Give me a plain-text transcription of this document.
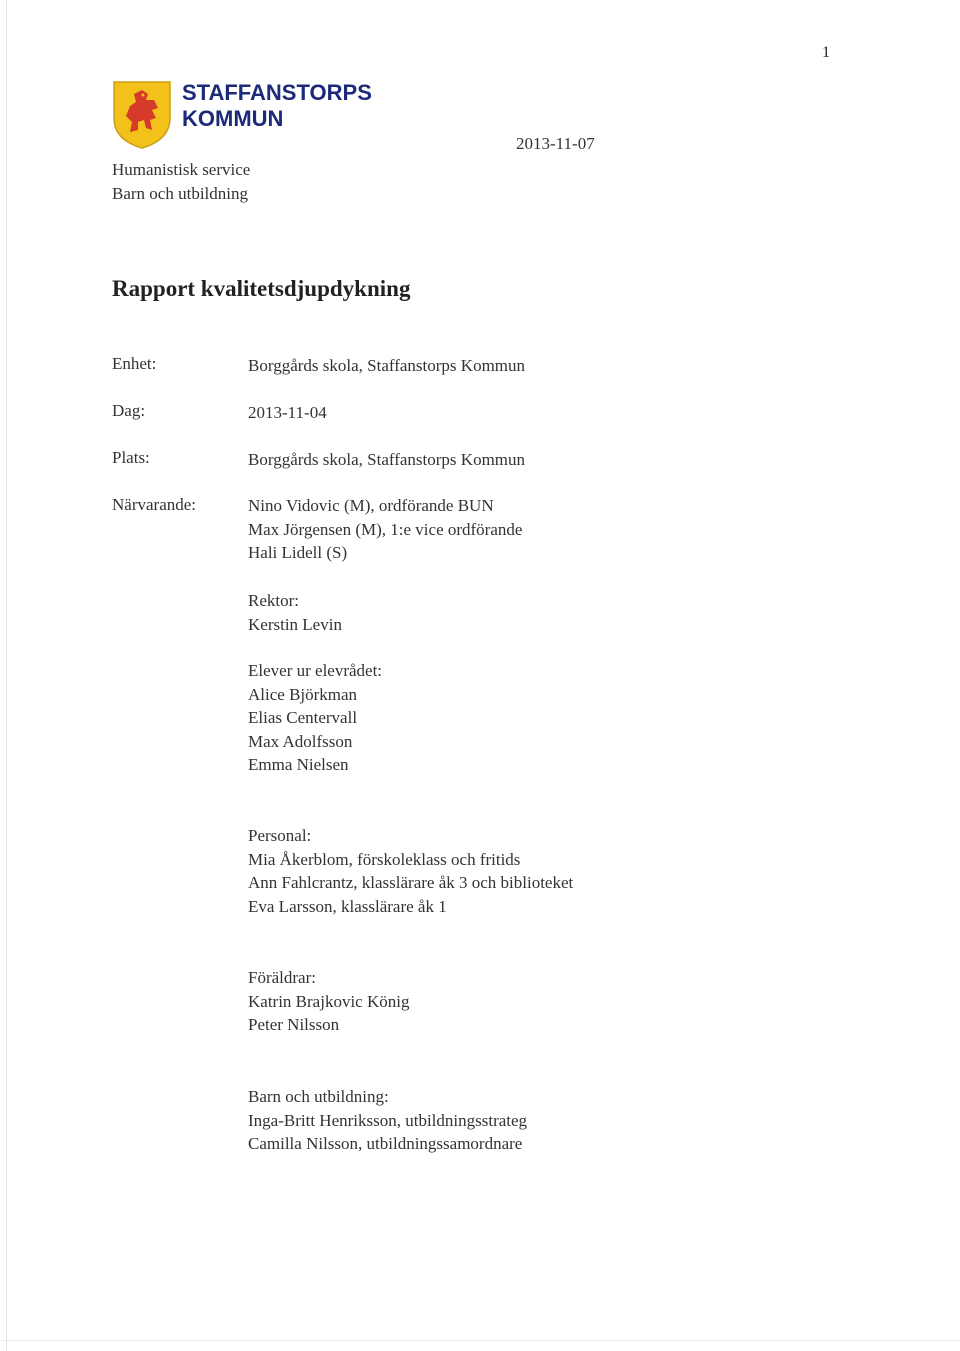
1
STAFFANSTORPS
KOMMUN
Humanistisk service
Barn och utbildning
2013-11-07
Rapport kvalitetsdjupdykning
Enhet:	Borggårds skola, Staffanstorps Kommun
Dag:	2013-11-04
Plats:	Borggårds skola, Staffanstorps Kommun
Närvarande:	Nino Vidovic (M), ordförande BUN
Max Jörgensen (M), 1:e vice ordförande
Hali Lidell (S)
Rektor:
Kerstin Levin
Elever ur elevrådet:
Alice Björkman
Elias Centervall
Max Adolfsson
Emma Nielsen
Personal:
Mia Åkerblom, förskoleklass och fritids
Ann Fahlcrantz, klasslärare åk 3 och biblioteket
Eva Larsson, klasslärare åk 1
Föräldrar:
Katrin Brajkovic König
Peter Nilsson
Barn och utbildning:
Inga-Britt Henriksson, utbildningsstrateg
Camilla Nilsson, utbildningssamordnare
